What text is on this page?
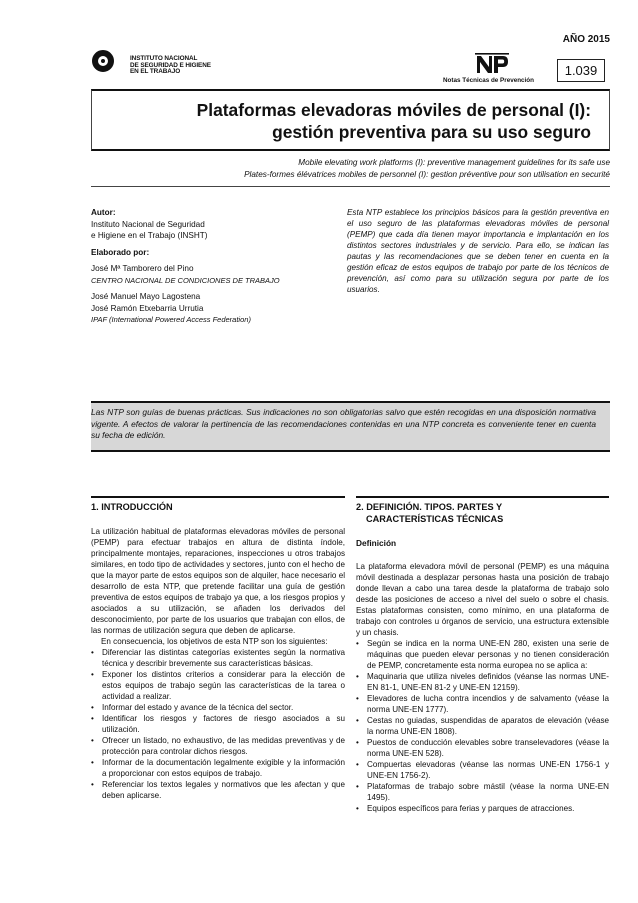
AÑO 2015
INSTITUTO NACIONAL
DE SEGURIDAD E HIGIENE
EN EL TRABAJO
Notas Técnicas de Prevención
1.039
Plataformas elevadoras móviles de personal (I):
gestión preventiva para su uso seguro
Mobile elevating work platforms (I): preventive management guidelines for its safe use
Plates-formes élévatrices mobiles de personnel (I): gestion préventive pour son utilisation en securité
Autor:
Instituto Nacional de Seguridad
e Higiene en el Trabajo (INSHT)
Elaborado por:
José Mª Tamborero del Pino
CENTRO NACIONAL DE CONDICIONES DE TRABAJO
José Manuel Mayo Lagostena
José Ramón Etxebarria Urrutia
IPAF (International Powered Access Federation)
Esta NTP establece los principios básicos para la gestión preventiva en el uso seguro de las plataformas elevadoras móviles de personal (PEMP) que cada día tienen mayor importancia e implantación en los distintos sectores industriales y de servicio. Para ello, se indican las pautas y las recomendaciones que se deben tener en cuenta en la gestión eficaz de estos equipos de trabajo por parte de los técnicos de prevención, así como para su utilización segura por parte de los usuarios.
Las NTP son guías de buenas prácticas. Sus indicaciones no son obligatorias salvo que estén recogidas en una disposición normativa vigente. A efectos de valorar la pertinencia de las recomendaciones contenidas en una NTP concreta es conveniente tener en cuenta su fecha de edición.
1. INTRODUCCIÓN

La utilización habitual de plataformas elevadoras móviles de personal (PEMP) para efectuar trabajos en altura de distinta índole, principalmente montajes, reparaciones, inspecciones u otros trabajos similares, en todo tipo de actividades y sectores, junto con el hecho de que la mayor parte de estos equipos son de alquiler, hace necesario el desarrollo de esta NTP, que pretende facilitar una guía de gestión preventiva de estos equipos de trabajo ya que, a los riesgos propios y asociados a su utilización, se añaden los derivados del desconocimiento, por parte de los usuarios que trabajan con ellos, de las normas de utilización segura que deben de aplicarse.

En consecuencia, los objetivos de esta NTP son los siguientes:

• Diferenciar las distintas categorías existentes según la normativa técnica y describir brevemente sus características básicas.
• Exponer los distintos criterios a considerar para la elección de estos equipos de trabajo según las características de la tarea o actividad a realizar.
• Informar del estado y avance de la técnica del sector.
• Identificar los riesgos y factores de riesgo asociados a su utilización.
• Ofrecer un listado, no exhaustivo, de las medidas preventivas y de protección para controlar dichos riesgos.
• Informar de la documentación legalmente exigible y la información a proporcionar con estos equipos de trabajo.
• Referenciar los textos legales y normativos que les afectan y que deben aplicarse.
2. DEFINICIÓN. TIPOS. PARTES Y
CARACTERÍSTICAS TÉCNICAS
Definición

La plataforma elevadora móvil de personal (PEMP) es una máquina móvil destinada a desplazar personas hasta una posición de trabajo donde llevan a cabo una tarea desde la plataforma de trabajo solo desde las posiciones de acceso a nivel del suelo o sobre el chasis. Estas plataformas consisten, como mínimo, en una plataforma de trabajo con controles u órganos de servicio, una estructura extensible y un chasis.

• Según se indica en la norma UNE-EN 280, existen una serie de máquinas que pueden elevar personas y no tienen consideración de PEMP, concretamente esta norma europea no se aplica a:
• Maquinaria que utiliza niveles definidos (véanse las normas UNE-EN 81-1, UNE-EN 81-2 y UNE-EN 12159).
• Elevadores de lucha contra incendios y de salvamento (véase la norma UNE-EN 1777).
• Cestas no guiadas, suspendidas de aparatos de elevación (véase la norma UNE-EN 1808).
• Puestos de conducción elevables sobre transelevadores (véase la norma UNE-EN 528).
• Compuertas elevadoras (véanse las normas UNE-EN 1756-1 y UNE-EN 1756-2).
• Plataformas de trabajo sobre mástil (véase la norma UNE-EN 1495).
• Equipos específicos para ferias y parques de atracciones.
